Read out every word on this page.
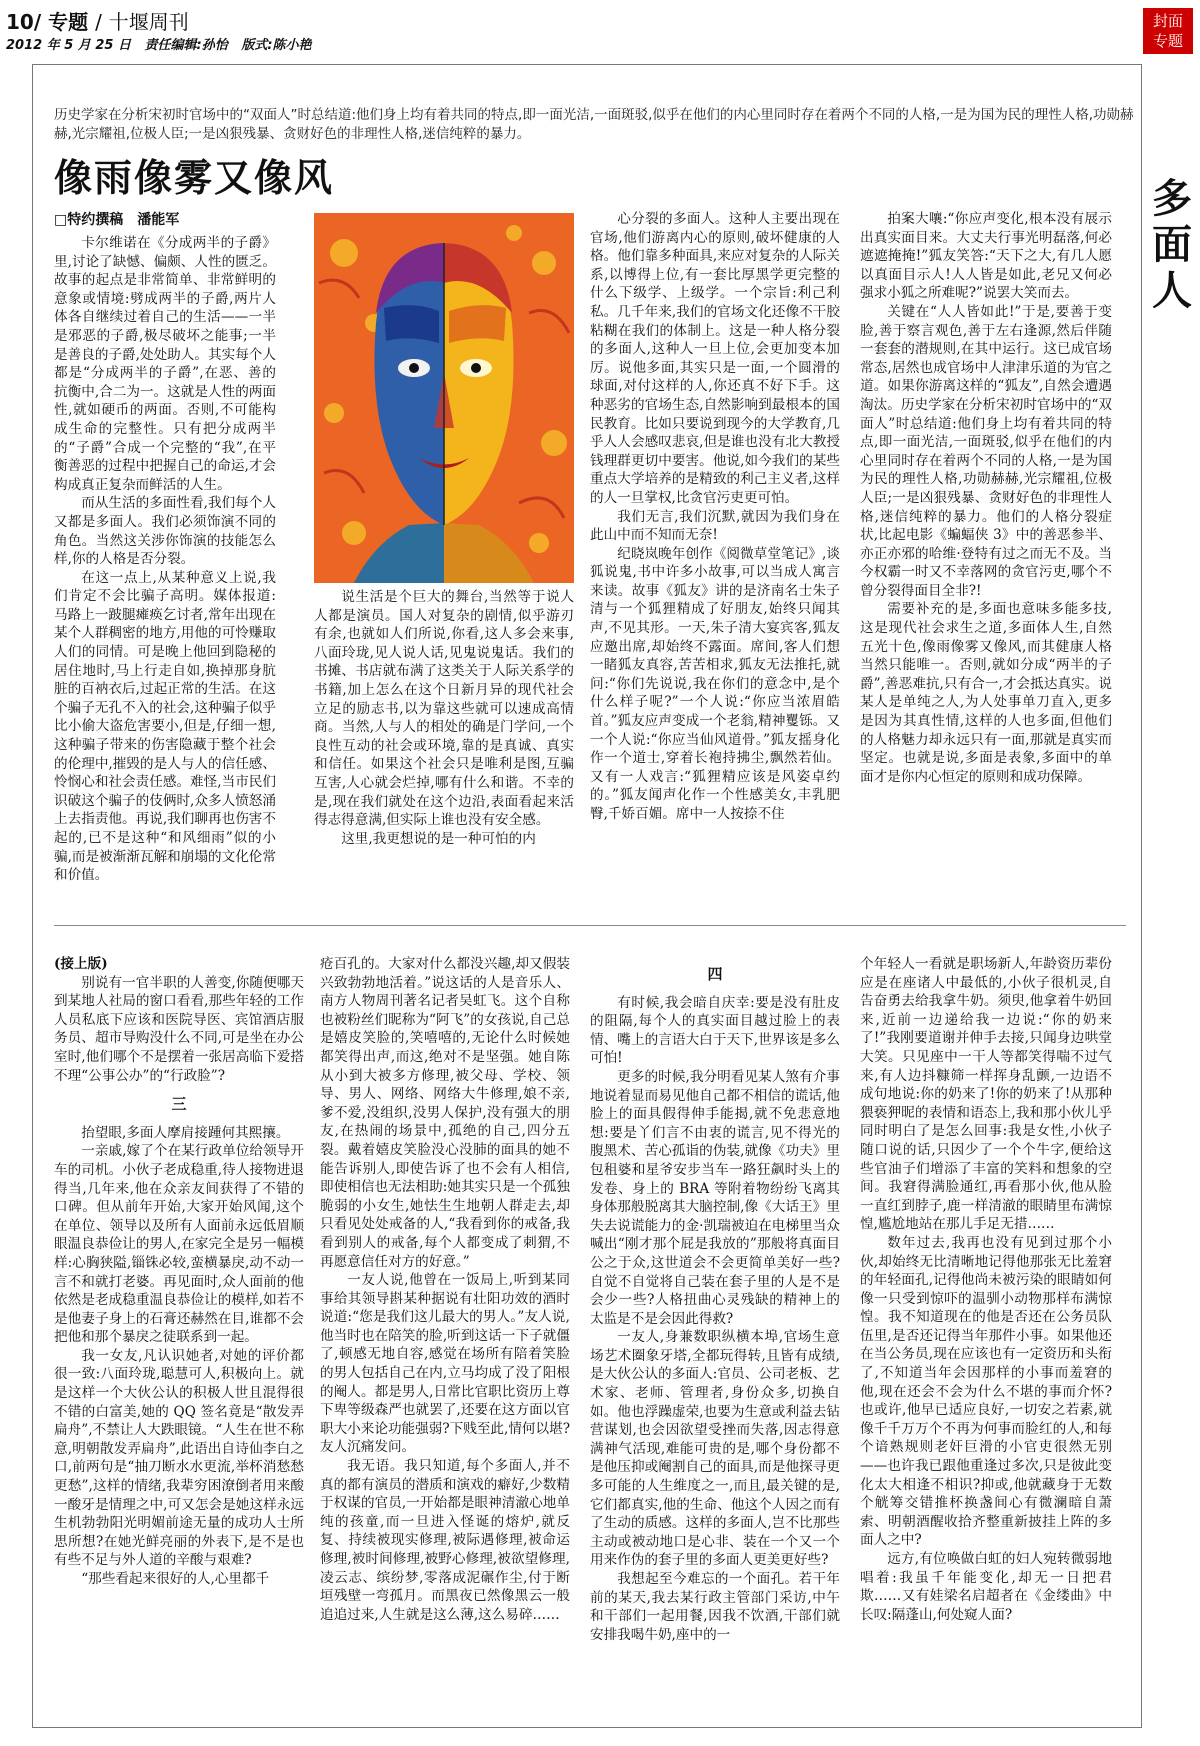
10/ 专题 / 十堰周刊
2012 年 5 月 25 日 责任编辑:孙怡 版式:陈小艳
封面
专题
多
面
人
历史学家在分析宋初时官场中的“双面人”时总结道:他们身上均有着共同的特点,即一面光洁,一面斑驳,似乎在他们的内心里同时存在着两个不同的人格,一是为国为民的理性人格,功勋赫赫,光宗耀祖,位极人臣;一是凶狠残暴、贪财好色的非理性人格,迷信纯粹的暴力。
像雨像雾又像风
□特约撰稿　潘能军

卡尔维诺在《分成两半的子爵》里,讨论了缺憾、偏颇、人性的匮乏。故事的起点是非常简单、非常鲜明的意象或情境:劈成两半的子爵,两片人体各自继续过着自己的生活——一半是邪恶的子爵,极尽破坏之能事;一半是善良的子爵,处处助人。其实每个人都是“分成两半的子爵”,在恶、善的抗衡中,合二为一。这就是人性的两面性,就如硬币的两面。否则,不可能构成生命的完整性。只有把分成两半的“子爵”合成一个完整的“我”,在平衡善恶的过程中把握自己的命运,才会构成真正复杂而鲜活的人生。

而从生活的多面性看,我们每个人又都是多面人。我们必须饰演不同的角色。当然这关涉你饰演的技能怎么样,你的人格是否分裂。

在这一点上,从某种意义上说,我们肯定不会比骗子高明。媒体报道:马路上一跛腿瘫痪乞讨者,常年出现在某个人群稠密的地方,用他的可怜赚取人们的同情。可是晚上他回到隐秘的居住地时,马上行走自如,换掉那身肮脏的百衲衣后,过起正常的生活。在这个骗子无孔不入的社会,这种骗子似乎比小偷大盗危害要小,但是,仔细一想,这种骗子带来的伤害隐藏于整个社会的伦理中,摧毁的是人与人的信任感、怜悯心和社会责任感。难怪,当市民们识破这个骗子的伎俩时,众多人愤怒涌上去指责他。再说,我们聊再也伤害不起的,已不是这种“和风细雨”似的小骗,而是被渐渐瓦解和崩塌的文化伦常和价值。

说生活是个巨大的舞台,当然等于说人人都是演员。国人对复杂的剧情,似乎游刃有余,也就如人们所说,你看,这人多会来事,八面玲珑,见人说人话,见鬼说鬼话。我们的书摊、书店就布满了这类关于人际关系学的书籍,加上怎么在这个日新月异的现代社会立足的励志书,以为靠这些就可以速成高情商。当然,人与人的相处的确是门学问,一个良性互动的社会或环境,靠的是真诚、真实和信任。如果这个社会只是唯利是图,互骗互害,人心就会烂掉,哪有什么和谐。不幸的是,现在我们就处在这个边沿,表面看起来活得志得意满,但实际上谁也没有安全感。

这里,我更想说的是一种可怕的内

心分裂的多面人。这种人主要出现在官场,他们游离内心的原则,破坏健康的人格。他们靠多种面具,来应对复杂的人际关系,以博得上位,有一套比厚黑学更完整的什么下级学、上级学。一个宗旨:利己利私。几千年来,我们的官场文化还像不干胶粘糊在我们的体制上。这是一种人格分裂的多面人,这种人一旦上位,会更加变本加厉。说他多面,其实只是一面,一个圆滑的球面,对付这样的人,你还真不好下手。这种恶劣的官场生态,自然影响到最根本的国民教育。比如只要说到现今的大学教育,几乎人人会感叹悲哀,但是谁也没有北大教授钱理群更切中要害。他说,如今我们的某些重点大学培养的是精致的利己主义者,这样的人一旦掌权,比贪官污吏更可怕。

我们无言,我们沉默,就因为我们身在此山中而不知而无奈!

纪晓岚晚年创作《阅微草堂笔记》,谈狐说鬼,书中许多小故事,可以当成人寓言来读。故事《狐友》讲的是济南名士朱子清与一个狐狸精成了好朋友,始终只闻其声,不见其形。一天,朱子清大宴宾客,狐友应邀出席,却始终不露面。席间,客人们想一睹狐友真容,苦苦相求,狐友无法推托,就问:“你们先说说,我在你们的意念中,是个什么样子呢?”一个人说:“你应当浓眉皓首。”狐友应声变成一个老翁,精神矍铄。又一个人说:“你应当仙风道骨。”狐友摇身化作一个道士,穿着长袍持拂尘,飘然若仙。又有一人戏言:“狐狸精应该是风姿卓约的。”狐友闻声化作一个性感美女,丰乳肥臀,千娇百媚。席中一人按捺不住

拍案大嚷:“你应声变化,根本没有展示出真实面目来。大丈夫行事光明磊落,何必遮遮掩掩!”狐友笑答:“天下之大,有几人愿以真面目示人!人人皆是如此,老兄又何必强求小狐之所难呢?”说罢大笑而去。

关键在“人人皆如此!”于是,要善于变脸,善于察言观色,善于左右逢源,然后伴随一套套的潜规则,在其中运行。这已成官场常态,居然也成官场中人津津乐道的为官之道。如果你游离这样的“狐友”,自然会遭遇淘汰。历史学家在分析宋初时官场中的“双面人”时总结道:他们身上均有着共同的特点,即一面光洁,一面斑驳,似乎在他们的内心里同时存在着两个不同的人格,一是为国为民的理性人格,功勋赫赫,光宗耀祖,位极人臣;一是凶狠残暴、贪财好色的非理性人格,迷信纯粹的暴力。他们的人格分裂症状,比起电影《蝙蝠侠 3》中的善恶参半、亦正亦邪的哈维·登特有过之而无不及。当今权霸一时又不幸落网的贪官污吏,哪个不曾分裂得面目全非?!

需要补充的是,多面也意味多能多技,这是现代社会求生之道,多面体人生,自然五光十色,像雨像雾又像风,而其健康人格当然只能唯一。否则,就如分成“两半的子爵”,善恶难抗,只有合一,才会抵达真实。说某人是单纯之人,为人处事单刀直入,更多是因为其真性情,这样的人也多面,但他们的人格魅力却永远只有一面,那就是真实而坚定。也就是说,多面是表象,多面中的单面才是你内心恒定的原则和成功保障。

(接上版)

别说有一官半职的人善变,你随便哪天到某地人社局的窗口看看,那些年轻的工作人员私底下应该和医院导医、宾馆酒店服务员、超市导购没什么不同,可是坐在办公室时,他们哪个不是摆着一张居高临下爱搭不理“公事公办”的“行政脸”?

三

抬望眼,多面人摩肩接踵何其熙攘。

一亲戚,嫁了个在某行政单位给领导开车的司机。小伙子老成稳重,待人接物进退得当,几年来,他在众亲友间获得了不错的口碑。但从前年开始,大家开始风闻,这个在单位、领导以及所有人面前永远低眉顺眼温良恭俭让的男人,在家完全是另一幅模样:心胸狭隘,锱铢必较,蛮横暴戾,动不动一言不和就打老婆。再见面时,众人面前的他依然是老成稳重温良恭俭让的模样,如若不是他妻子身上的石膏还赫然在目,谁都不会把他和那个暴戾之徒联系到一起。

我一女友,凡认识她者,对她的评价都很一致:八面玲珑,聪慧可人,积极向上。就是这样一个大伙公认的积极人世且混得很不错的白富美,她的 QQ 签名竟是“散发弄扁舟”,不禁让人大跌眼镜。“人生在世不称意,明朝散发弄扁舟”,此语出自诗仙李白之口,前两句是“抽刀断水水更流,举杯消愁愁更愁”,这样的情绪,我辈穷困潦倒者用来酸一酸牙是情理之中,可又怎会是她这样永远生机勃勃阳光明媚前途无量的成功人士所思所想?在她光鲜亮丽的外表下,是不是也有些不足与外人道的辛酸与艰难?

“那些看起来很好的人,心里都千

疮百孔的。大家对什么都没兴趣,却又假装兴致勃勃地活着。”说这话的人是音乐人、南方人物周刊著名记者吴虹飞。这个自称也被粉丝们昵称为“阿飞”的女孩说,自己总是嬉皮笑脸的,笑嘻嘻的,无论什么时候她都笑得出声,而这,绝对不是坚强。她自陈从小到大被多方修理,被父母、学校、领导、男人、网络、网络大牛修理,娘不亲,爹不爱,没组织,没男人保护,没有强大的朋友,在热闹的场景中,孤绝的自己,四分五裂。戴着嬉皮笑脸没心没肺的面具的她不能告诉别人,即使告诉了也不会有人相信,即使相信也无法相助:她其实只是一个孤独脆弱的小女生,她怯生生地朝人群走去,却只看见处处戒备的人,“我看到你的戒备,我看到别人的戒备,每个人都变成了刺猬,不再愿意信任对方的好意。”

一友人说,他曾在一饭局上,听到某同事给其领导斟某种据说有壮阳功效的酒时说道:“您是我们这儿最大的男人。”友人说,他当时也在陪笑的脸,听到这话一下子就僵了,顿感无地自容,感觉在场所有陪着笑脸的男人包括自己在内,立马均成了没了阳根的阉人。都是男人,日常比官职比资历上尊下卑等级森严也就罢了,还要在这方面以官职大小来论功能强弱?下贱至此,情何以堪?友人沉痛发问。

我无语。我只知道,每个多面人,并不真的都有演员的潜质和演戏的癖好,少数精于权谋的官员,一开始都是眼神清澈心地单纯的孩童,而一旦进入怪诞的熔炉,就反复、持续被现实修理,被际遇修理,被命运修理,被时间修理,被野心修理,被欲望修理,凌云志、缤纷梦,零落成泥碾作尘,付于断垣残壁一弯孤月。而黑夜已然像黑云一般追追过来,人生就是这么薄,这么易碎……

四

有时候,我会暗自庆幸:要是没有肚皮的阻隔,每个人的真实面目越过脸上的表情、嘴上的言语大白于天下,世界该是多么可怕!

更多的时候,我分明看见某人煞有介事地说着显而易见他自己都不相信的谎话,他脸上的面具假得伸手能揭,就不免悲意地想:要是丫们言不由衷的谎言,见不得光的腹黑术、苦心孤诣的伪装,就像《功夫》里包租婆和星爷安步当车一路狂飙时头上的发卷、身上的 BRA 等附着物纷纷飞离其身体那般脱离其大脑控制,像《大话王》里失去说谎能力的金·凯瑞被迫在电梯里当众喊出“刚才那个屁是我放的”那般将真面目公之于众,这世道会不会更简单美好一些?自觉不自觉将自己装在套子里的人是不是会少一些?人格扭曲心灵残缺的精神上的太监是不是会因此得救?

一友人,身兼数职纵横本埠,官场生意场艺术圈象牙塔,全都玩得转,且皆有成绩,是大伙公认的多面人:官员、公司老板、艺术家、老师、管理者,身份众多,切换自如。他也浮躁虚荣,也要为生意或利益去钻营谋划,也会因欲望受挫而失落,因志得意满神气活现,难能可贵的是,哪个身份都不是他压抑或阉割自己的面具,而是他探寻更多可能的人生维度之一,而且,最关键的是,它们都真实,他的生命、他这个人因之而有了生动的质感。这样的多面人,岂不比那些主动或被动地口是心非、装在一个又一个用来作伪的套子里的多面人更美更好些?

我想起至今难忘的一个面孔。若干年前的某天,我去某行政主管部门采访,中午和干部们一起用餐,因我不饮酒,干部们就安排我喝牛奶,座中的一

个年轻人一看就是职场新人,年龄资历辈份应是在座诸人中最低的,小伙子很机灵,自告奋勇去给我拿牛奶。须臾,他拿着牛奶回来,近前一边递给我一边说:“你的奶来了!”我刚要道谢并伸手去接,只闻身边哄堂大笑。只见座中一干人等都笑得喘不过气来,有人边抖糠筛一样挥身乱颤,一边语不成句地说:你的奶来了!你的奶来了!从那种猥亵狎昵的表情和语态上,我和那小伙儿乎同时明白了是怎么回事:我是女性,小伙子随口说的话,只因少了一个个牛字,便给这些官油子们增添了丰富的笑料和想象的空间。我窘得满脸通红,再看那小伙,他从脸一直红到脖子,鹿一样清澈的眼睛里布满惊惶,尴尬地站在那儿手足无措……

数年过去,我再也没有见到过那个小伙,却始终无比清晰地记得他那张无比羞窘的年轻面孔,记得他尚未被污染的眼睛如何像一只受到惊吓的温驯小动物那样布满惊惶。我不知道现在的他是否还在公务员队伍里,是否还记得当年那件小事。如果他还在当公务员,现在应该也有一定资历和头衔了,不知道当年会因那样的小事而羞窘的他,现在还会不会为什么不堪的事而介怀?也或许,他早已适应良好,一切安之若素,就像千千万万个不再为何事而脸红的人,和每个谙熟规则老奸巨滑的小官吏很然无别——也许我已跟他重逢过多次,只是彼此变化太大相逢不相识?抑或,他就藏身于无数个觥筹交错推杯换盏间心有微澜暗自萧索、明朝酒醒收拾齐整重新披挂上阵的多面人之中?

远方,有位唤做白虹的妇人宛转微弱地唱着:我虽千年能变化,却无一日把君欺……又有娃梁名启超者在《金缕曲》中长叹:隔蓬山,何处窥人面?
